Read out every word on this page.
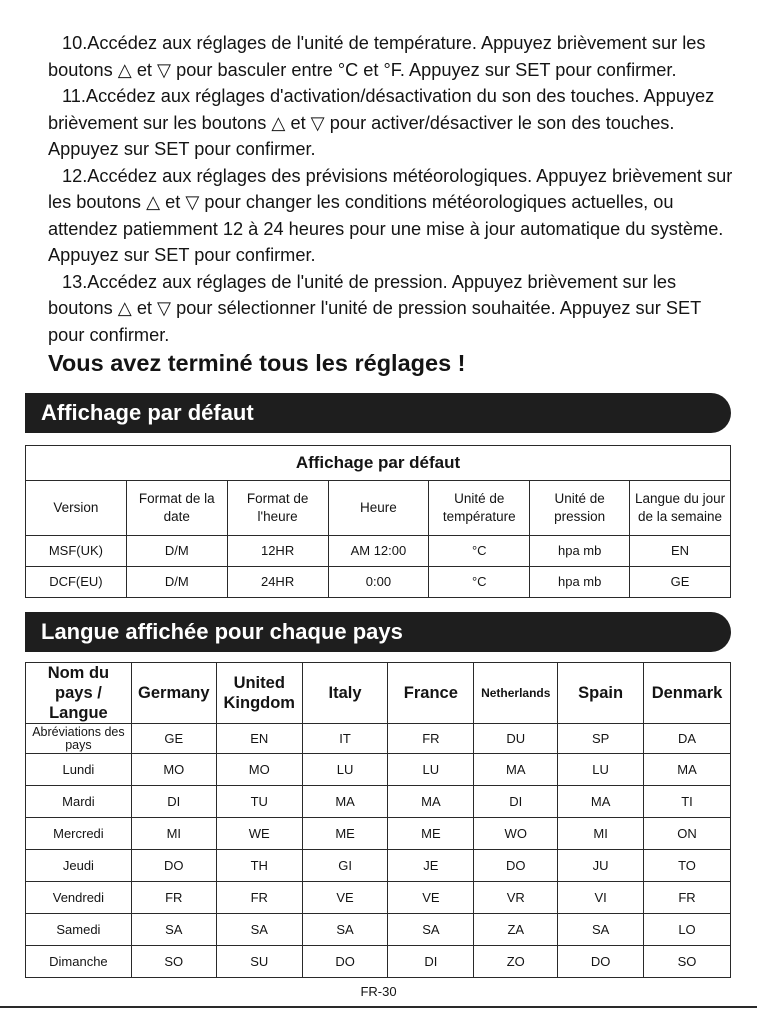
10.Accédez aux réglages de l'unité de température. Appuyez brièvement sur les boutons △ et ▽ pour basculer entre °C et °F. Appuyez sur SET pour confirmer.

11.Accédez aux réglages d'activation/désactivation du son des touches. Appuyez brièvement sur les boutons △ et ▽ pour activer/désactiver le son des touches. Appuyez sur SET pour confirmer.

12.Accédez aux réglages des prévisions météorologiques. Appuyez brièvement sur les boutons △ et ▽ pour changer les conditions météorologiques actuelles, ou attendez patiemment 12 à 24 heures pour une mise à jour automatique du système. Appuyez sur SET pour confirmer.

13.Accédez aux réglages de l'unité de pression. Appuyez brièvement sur les boutons △ et ▽ pour sélectionner l'unité de pression souhaitée. Appuyez sur SET pour confirmer.

Vous avez terminé tous les réglages !
Affichage par défaut
Affichage par défaut						
Version	Format de la date	Format de l'heure	Heure	Unité de température	Unité de pression	Langue du jour de la semaine
MSF(UK)	D/M	12HR	AM 12:00	°C	hpa mb	EN
DCF(EU)	D/M	24HR	0:00	°C	hpa mb	GE
Langue affichée pour chaque pays
Nom du pays / Langue	Germany	United Kingdom	Italy	France	Netherlands	Spain	Denmark
Abréviations des pays	GE	EN	IT	FR	DU	SP	DA
Lundi	MO	MO	LU	LU	MA	LU	MA
Mardi	DI	TU	MA	MA	DI	MA	TI
Mercredi	MI	WE	ME	ME	WO	MI	ON
Jeudi	DO	TH	GI	JE	DO	JU	TO
Vendredi	FR	FR	VE	VE	VR	VI	FR
Samedi	SA	SA	SA	SA	ZA	SA	LO
Dimanche	SO	SU	DO	DI	ZO	DO	SO
FR-30
